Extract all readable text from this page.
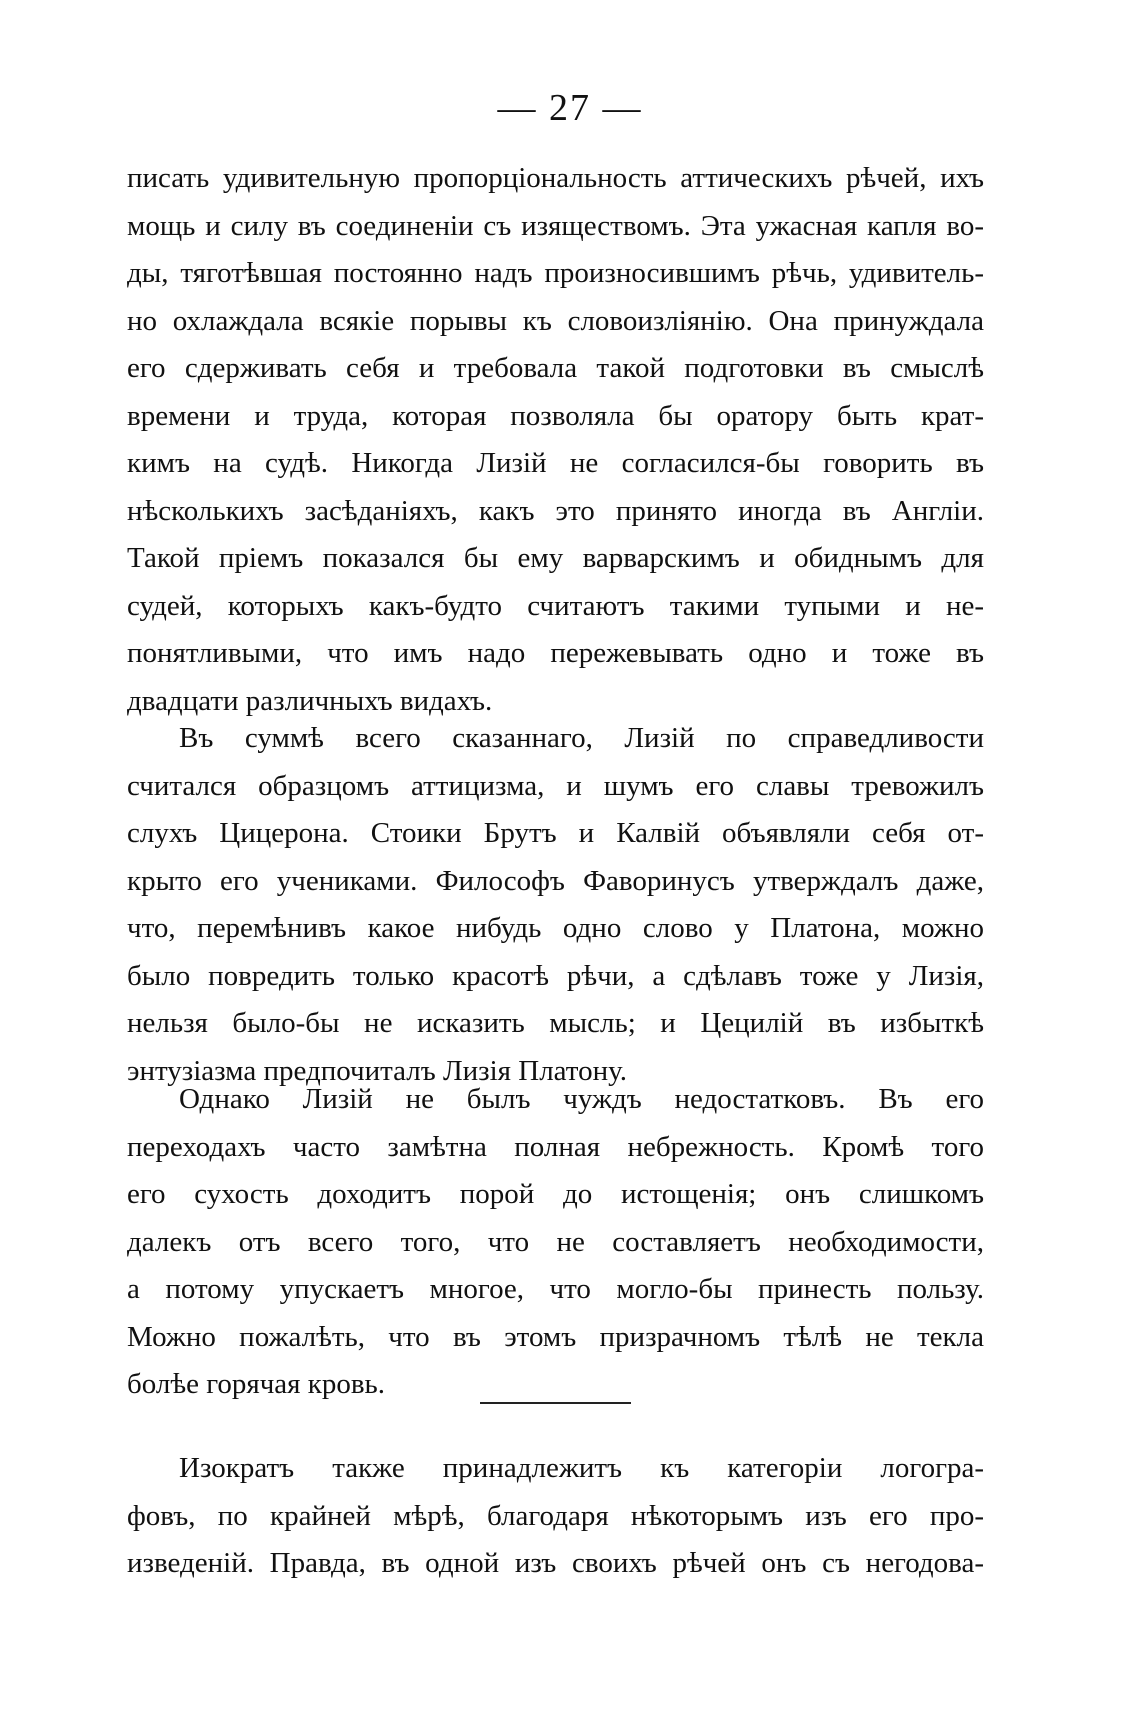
— 27 —
писать удивительную пропорціональность аттическихъ рѣчей, ихъ
мощь и силу въ соединеніи съ изяществомъ. Эта ужасная капля во-
ды, тяготѣвшая постоянно надъ произносившимъ рѣчь, удивитель-
но охлаждала всякіе порывы къ словоизліянію. Она принуждала
его сдерживать себя и требовала такой подготовки въ смыслѣ
времени и труда, которая позволяла бы оратору быть крат-
кимъ на судѣ. Никогда Лизій не согласился-бы говорить въ
нѣсколькихъ засѣданіяхъ, какъ это принято иногда въ Англіи.
Такой пріемъ показался бы ему варварскимъ и обиднымъ для
судей, которыхъ какъ-будто считаютъ такими тупыми и не-
понятливыми, что имъ надо пережевывать одно и тоже въ
двадцати различныхъ видахъ.
Въ суммѣ всего сказаннаго, Лизій по справедливости
считался образцомъ аттицизма, и шумъ его славы тревожилъ
слухъ Цицерона. Стоики Брутъ и Калвій объявляли себя от-
крыто его учениками. Философъ Фаворинусъ утверждалъ даже,
что, перемѣнивъ какое нибудь одно слово у Платона, можно
было повредить только красотѣ рѣчи, а сдѣлавъ тоже у Лизія,
нельзя было-бы не исказить мысль; и Цецилій въ избыткѣ
энтузіазма предпочиталъ Лизія Платону.
Однако Лизій не былъ чуждъ недостатковъ. Въ его
переходахъ часто замѣтна полная небрежность. Кромѣ того
его сухость доходитъ порой до истощенія; онъ слишкомъ
далекъ отъ всего того, что не составляетъ необходимости,
а потому упускаетъ многое, что могло-бы принесть пользу.
Можно пожалѣть, что въ этомъ призрачномъ тѣлѣ не текла
болѣе горячая кровь.
Изократъ также принадлежитъ къ категоріи логогра-
фовъ, по крайней мѣрѣ, благодаря нѣкоторымъ изъ его про-
изведеній. Правда, въ одной изъ своихъ рѣчей онъ съ негодова-
